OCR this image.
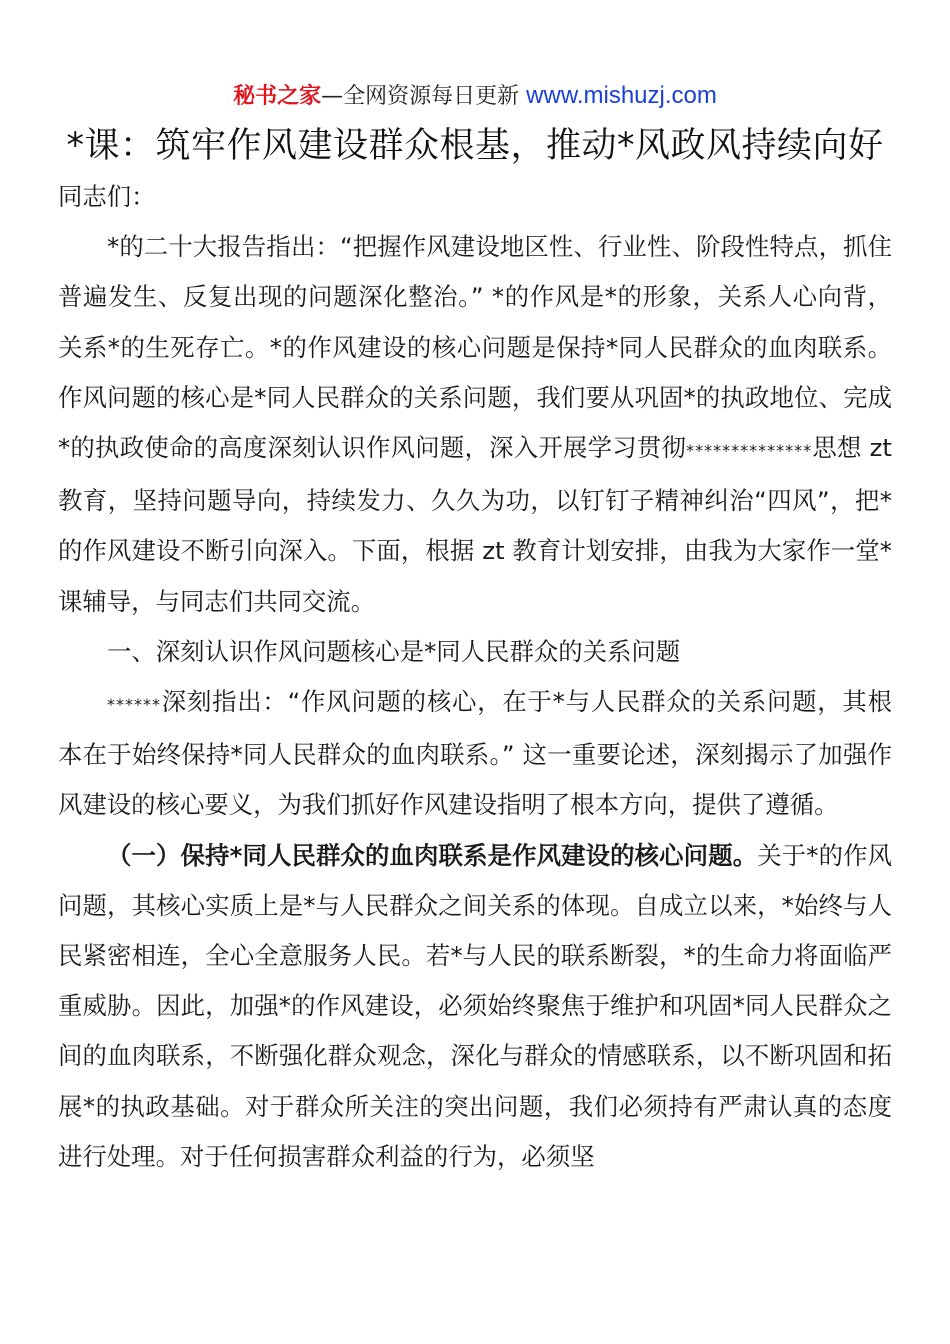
秘书之家—全网资源每日更新 www.mishuzj.com
*课：筑牢作风建设群众根基，推动*风政风持续向好

同志们：

*的二十大报告指出：“把握作风建设地区性、行业性、阶段性特点，抓住普遍发生、反复出现的问题深化整治。” *的作风是*的形象，关系人心向背，关系*的生死存亡。*的作风建设的核心问题是保持*同人民群众的血肉联系。作风问题的核心是*同人民群众的关系问题，我们要从巩固*的执政地位、完成*的执政使命的高度深刻认识作风问题，深入开展学习贯彻**************思想 zt 教育，坚持问题导向，持续发力、久久为功，以钉钉子精神纠治“四风”，把*的作风建设不断引向深入。下面，根据 zt 教育计划安排，由我为大家作一堂*课辅导，与同志们共同交流。

一、深刻认识作风问题核心是*同人民群众的关系问题

******深刻指出：“作风问题的核心，在于*与人民群众的关系问题，其根本在于始终保持*同人民群众的血肉联系。” 这一重要论述，深刻揭示了加强作风建设的核心要义，为我们抓好作风建设指明了根本方向，提供了遵循。

（一）保持*同人民群众的血肉联系是作风建设的核心问题。关于*的作风问题，其核心实质上是*与人民群众之间关系的体现。自成立以来，*始终与人民紧密相连，全心全意服务人民。若*与人民的联系断裂，*的生命力将面临严重威胁。因此，加强*的作风建设，必须始终聚焦于维护和巩固*同人民群众之间的血肉联系，不断强化群众观念，深化与群众的情感联系，以不断巩固和拓展*的执政基础。对于群众所关注的突出问题，我们必须持有严肃认真的态度进行处理。对于任何损害群众利益的行为，必须坚
